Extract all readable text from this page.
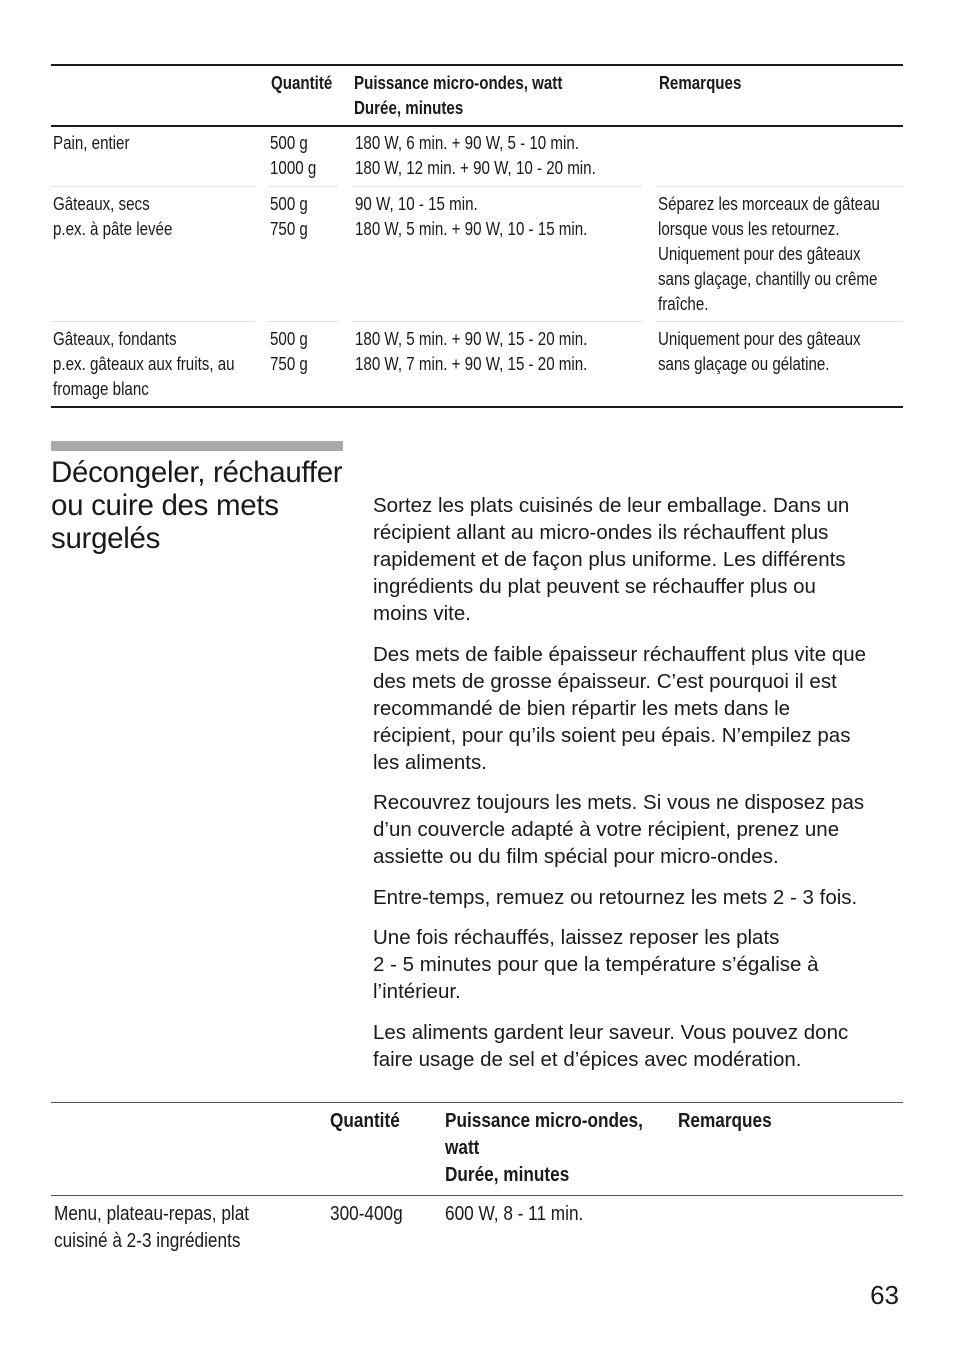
Quantité Puissance micro-ondes, watt
Durée, minutes
Remarques
Pain, entier	500 g
1000 g
180 W, 6 min. + 90 W, 5 - 10 min.
180 W, 12 min. + 90 W, 10 - 20 min.
Gâteaux, secs
p.ex. à pâte levée
500 g
750 g
90 W, 10 - 15 min.
180 W, 5 min. + 90 W, 10 - 15 min.
Séparez les morceaux de gâteau
lorsque vous les retournez.
Uniquement pour des gâteaux
sans glaçage, chantilly ou crême
fraîche.
Gâteaux, fondants
p.ex. gâteaux aux fruits, au
fromage blanc
500 g
750 g
180 W, 5 min. + 90 W, 15 - 20 min.
180 W, 7 min. + 90 W, 15 - 20 min.
Uniquement pour des gâteaux
sans glaçage ou gélatine.
Décongeler, réchauffer ou cuire des mets surgelés

Sortez les plats cuisinés de leur emballage. Dans un
récipient allant au micro-ondes ils réchauffent plus
rapidement et de façon plus uniforme. Les différents
ingrédients du plat peuvent se réchauffer plus ou
moins vite.

Des mets de faible épaisseur réchauffent plus vite que
des mets de grosse épaisseur. C’est pourquoi il est
recommandé de bien répartir les mets dans le
récipient, pour qu’ils soient peu épais. N’empilez pas
les aliments.

Recouvrez toujours les mets. Si vous ne disposez pas
d’un couvercle adapté à votre récipient, prenez une
assiette ou du film spécial pour micro-ondes.

Entre-temps, remuez ou retournez les mets 2 - 3 fois.

Une fois réchauffés, laissez reposer les plats
2 - 5 minutes pour que la température s’égalise à
l’intérieur.

Les aliments gardent leur saveur. Vous pouvez donc
faire usage de sel et d’épices avec modération.

Quantité Puissance micro-ondes,
watt
Durée, minutes
Remarques
Menu, plateau-repas, plat
cuisiné à 2-3 ingrédients
300-400g 600 W, 8 - 11 min.
63
